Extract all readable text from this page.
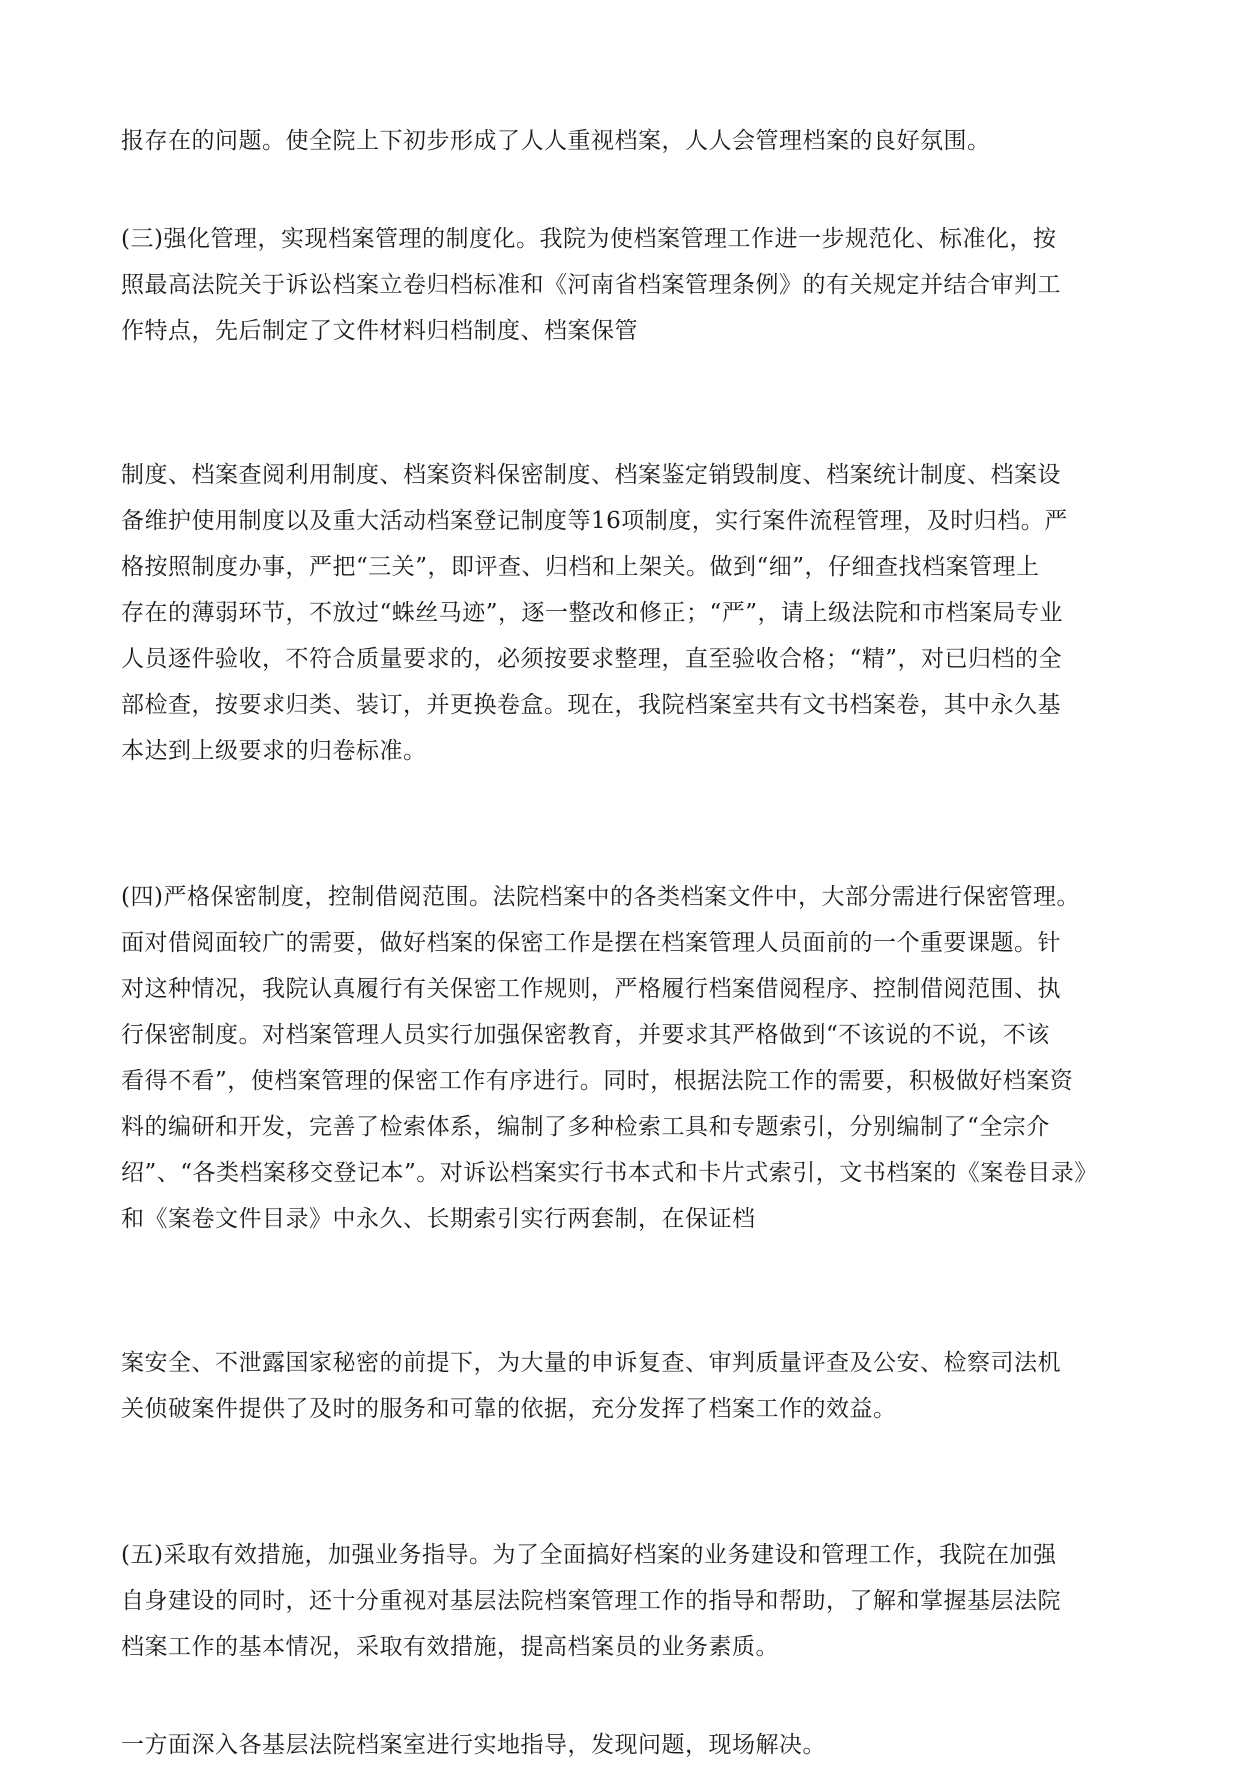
报存在的问题。使全院上下初步形成了人人重视档案，人人会管理档案的良好氛围。

(三)强化管理，实现档案管理的制度化。我院为使档案管理工作进一步规范化、标准化，按
照最高法院关于诉讼档案立卷归档标准和《河南省档案管理条例》的有关规定并结合审判工
作特点，先后制定了文件材料归档制度、档案保管

制度、档案查阅利用制度、档案资料保密制度、档案鉴定销毁制度、档案统计制度、档案设
备维护使用制度以及重大活动档案登记制度等16项制度，实行案件流程管理，及时归档。严
格按照制度办事，严把“三关”，即评查、归档和上架关。做到“细”，仔细查找档案管理上
存在的薄弱环节，不放过“蛛丝马迹”，逐一整改和修正；“严”，请上级法院和市档案局专业
人员逐件验收，不符合质量要求的，必须按要求整理，直至验收合格；“精”，对已归档的全
部检查，按要求归类、装订，并更换卷盒。现在，我院档案室共有文书档案卷，其中永久基
本达到上级要求的归卷标准。

(四)严格保密制度，控制借阅范围。法院档案中的各类档案文件中，大部分需进行保密管理。
面对借阅面较广的需要，做好档案的保密工作是摆在档案管理人员面前的一个重要课题。针
对这种情况，我院认真履行有关保密工作规则，严格履行档案借阅程序、控制借阅范围、执
行保密制度。对档案管理人员实行加强保密教育，并要求其严格做到“不该说的不说，不该
看得不看”，使档案管理的保密工作有序进行。同时，根据法院工作的需要，积极做好档案资
料的编研和开发，完善了检索体系，编制了多种检索工具和专题索引，分别编制了“全宗介
绍”、“各类档案移交登记本”。对诉讼档案实行书本式和卡片式索引，文书档案的《案卷目录》
和《案卷文件目录》中永久、长期索引实行两套制，在保证档

案安全、不泄露国家秘密的前提下，为大量的申诉复查、审判质量评查及公安、检察司法机
关侦破案件提供了及时的服务和可靠的依据，充分发挥了档案工作的效益。

(五)采取有效措施，加强业务指导。为了全面搞好档案的业务建设和管理工作，我院在加强
自身建设的同时，还十分重视对基层法院档案管理工作的指导和帮助，了解和掌握基层法院
档案工作的基本情况，采取有效措施，提高档案员的业务素质。

一方面深入各基层法院档案室进行实地指导，发现问题，现场解决。
